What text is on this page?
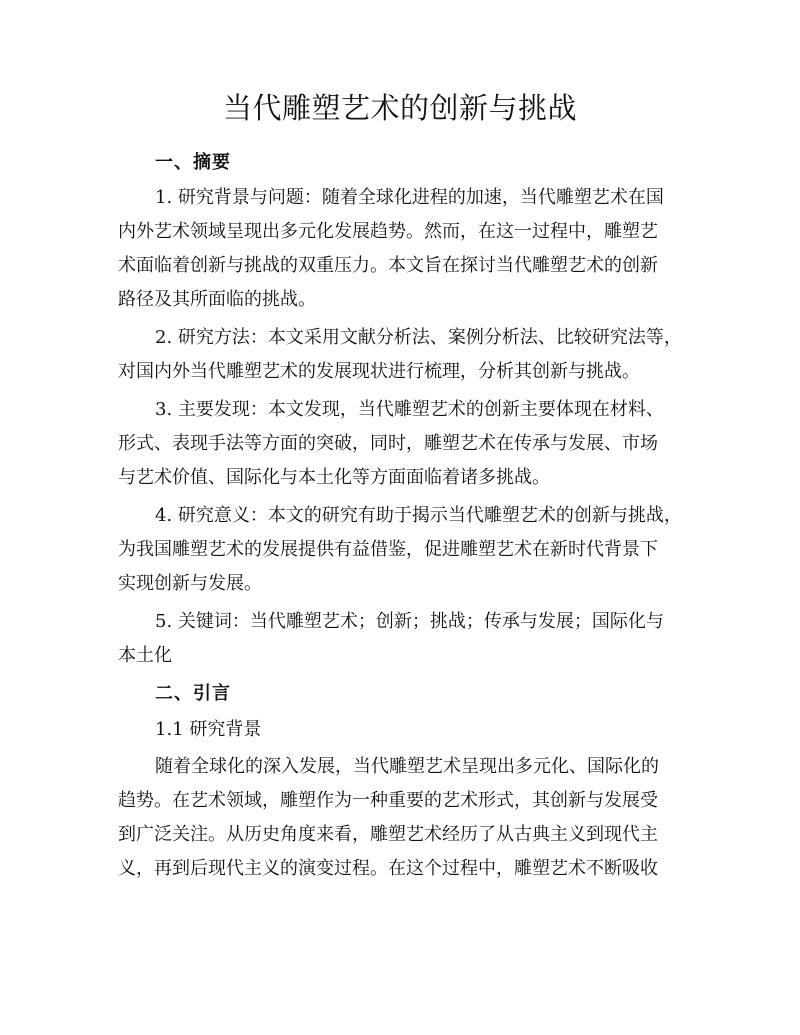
当代雕塑艺术的创新与挑战
一、摘要
1. 研究背景与问题：随着全球化进程的加速，当代雕塑艺术在国
内外艺术领域呈现出多元化发展趋势。然而，在这一过程中，雕塑艺
术面临着创新与挑战的双重压力。本文旨在探讨当代雕塑艺术的创新
路径及其所面临的挑战。
2. 研究方法：本文采用文献分析法、案例分析法、比较研究法等，
对国内外当代雕塑艺术的发展现状进行梳理，分析其创新与挑战。
3. 主要发现：本文发现，当代雕塑艺术的创新主要体现在材料、
形式、表现手法等方面的突破，同时，雕塑艺术在传承与发展、市场
与艺术价值、国际化与本土化等方面面临着诸多挑战。
4. 研究意义：本文的研究有助于揭示当代雕塑艺术的创新与挑战，
为我国雕塑艺术的发展提供有益借鉴，促进雕塑艺术在新时代背景下
实现创新与发展。
5. 关键词：当代雕塑艺术；创新；挑战；传承与发展；国际化与
本土化
二、引言
1.1 研究背景
随着全球化的深入发展，当代雕塑艺术呈现出多元化、国际化的
趋势。在艺术领域，雕塑作为一种重要的艺术形式，其创新与发展受
到广泛关注。从历史角度来看，雕塑艺术经历了从古典主义到现代主
义，再到后现代主义的演变过程。在这个过程中，雕塑艺术不断吸收
